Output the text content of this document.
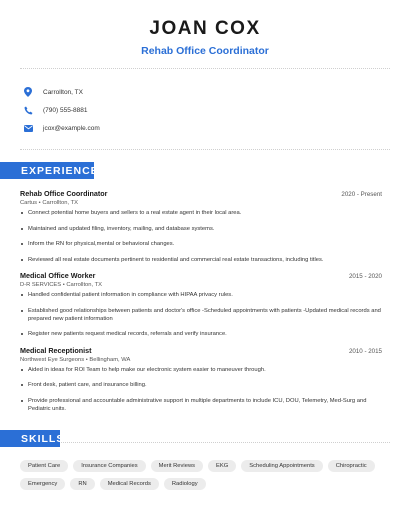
JOAN COX
Rehab Office Coordinator
Carrollton, TX
(790) 555-8881
jcox@example.com
EXPERIENCE
Rehab Office Coordinator	2020 - Present
Cartus • Carrollton, TX
Connect potential home buyers and sellers to a real estate agent in their local area.
Maintained and updated filing, inventory, mailing, and database systems.
Inform the RN for physical,mental or behavioral changes.
Reviewed all real estate documents pertinent to residential and commercial real estate transactions, including titles.
Medical Office Worker	2015 - 2020
D-R SERVICES • Carrollton, TX
Handled confidential patient information in compliance with HIPAA privacy rules.
Established good relationships between patients and doctor's office -Scheduled appointments with patients -Updated medical records and prepared new patient information
Register new patients request medical records, referrals and verify insurance.
Medical Receptionist	2010 - 2015
Northwest Eye Surgeons • Bellingham, WA
Aided in ideas for ROI Team to help make our electronic system easier to maneuver through.
Front desk, patient care, and insurance billing.
Provide professional and accountable administrative support in multiple departments to include ICU, DOU, Telemetry, Med-Surg and Pediatric units.
SKILLS
Patient Care	Insurance Companies	Merit Reviews	EKG	Scheduling Appointments	Chiropractic
Emergency	RN	Medical Records	Radiology
